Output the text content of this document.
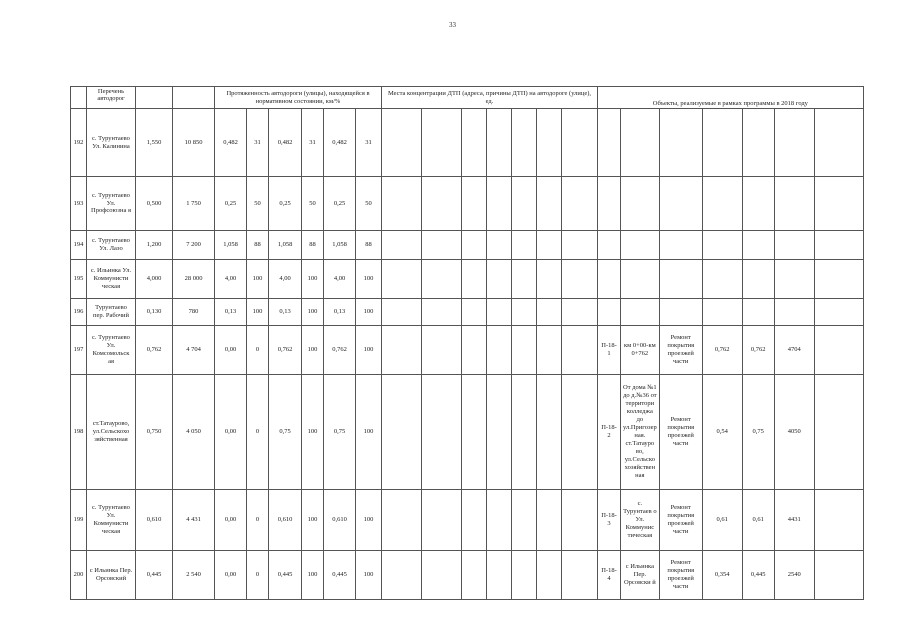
33

	Перечень автодорог			Протяженность автодороги (улицы), находящейся в нормативном состоянии, км/%						Места концентрации ДТП (адреса, причины ДТП) на автодороге (улице), ед.							Объекты, реализуемые в рамках программы в 2018 году						
192	с. Турунтаево Ул. Калинина	1,550	10 850	0,482	31	0,482	31	0,482	31														
193	с. Турунтаево Ул. Профсоюзна я	0,500	1 750	0,25	50	0,25	50	0,25	50														
194	с. Турунтаево Ул. Лазо	1,200	7 200	1,058	88	1,058	88	1,058	88														
195	с. Ильинка Ул. Коммунисти ческая	4,000	28 000	4,00	100	4,00	100	4,00	100														
196	Турунтаево пер. Рабочий	0,130	780	0,13	100	0,13	100	0,13	100														
197	с. Турунтаево Ул. Комсомольск ая	0,762	4 704	0,00	0	0,762	100	0,762	100								П-18-1	км 0+00-км 0+762	Ремонт покрытия проезжей части	0,762	0,762	4704	
198	ст.Татаурово, ул.Сельскохо зяйственная	0,750	4 050	0,00	0	0,75	100	0,75	100								П-18-2	От дома №1 до д.№36 от территори колледжа до ул.Пригозер ная. ст.Татауро во, ул.Сельско хозяйствен ная	Ремонт покрытия проезжей части	0,54	0,75	4050	
199	с. Турунтаево Ул. Коммунисти ческая	0,610	4 431	0,00	0	0,610	100	0,610	100								П-18-3	с. Турунтаев о Ул. Коммунис тическая	Ремонт покрытия проезжей части	0,61	0,61	4431	
200	с Ильинка Пер. Орсовский	0,445	2 540	0,00	0	0,445	100	0,445	100								П-18-4	с Ильинка Пер. Орсовски й	Ремонт покрытия проезжей части	0,354	0,445	2540	
